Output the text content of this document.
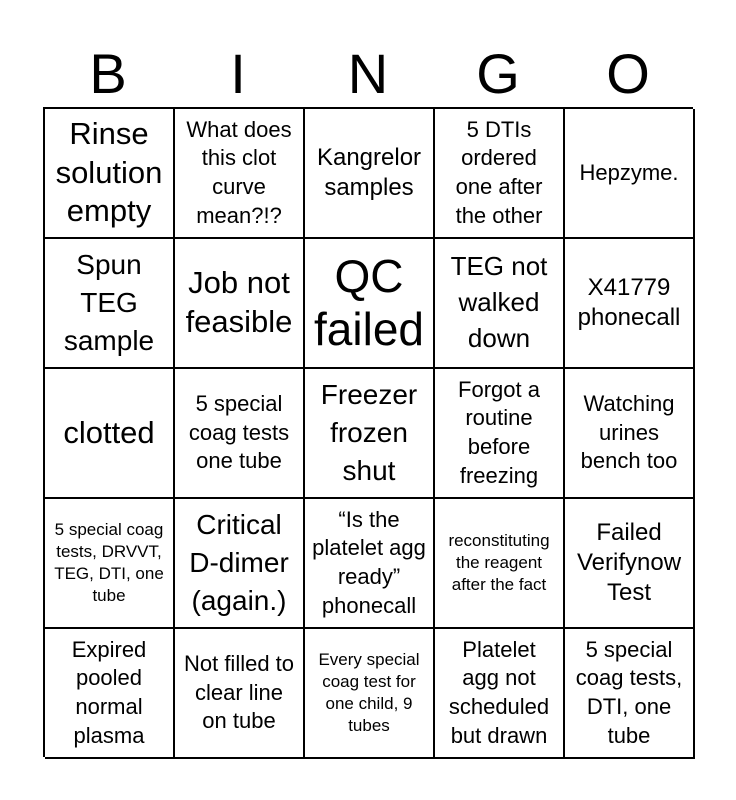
B	I	N	G	O
Rinse solution empty
What does this clot curve mean?!?
Kangrelor samples
5 DTIs ordered one after the other
Hepzyme.
Spun TEG sample
Job not feasible
QC failed
TEG not walked down
X41779 phonecall
clotted
5 special coag tests one tube
Freezer frozen shut
Forgot a routine before freezing
Watching urines bench too
5 special coag tests, DRVVT, TEG, DTI, one tube
Critical D-dimer (again.)
“Is the platelet agg ready” phonecall
reconstituting the reagent after the fact
Failed Verifynow Test
Expired pooled normal plasma
Not filled to clear line on tube
Every special coag test for one child, 9 tubes
Platelet agg not scheduled but drawn
5 special coag tests, DTI, one tube
